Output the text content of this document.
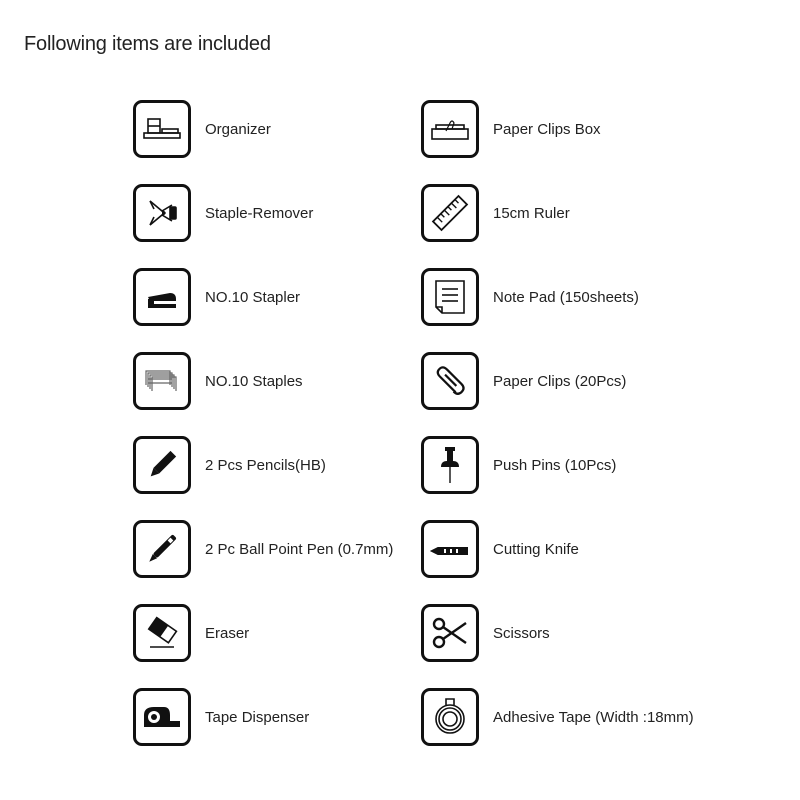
Following items are included
Organizer
Staple-Remover
NO.10 Stapler
NO.10 Staples
2 Pcs Pencils(HB)
2 Pc Ball Point Pen (0.7mm)
Eraser
Tape Dispenser
Paper Clips Box
15cm Ruler
Note Pad (150sheets)
Paper Clips (20Pcs)
Push Pins (10Pcs)
Cutting Knife
Scissors
Adhesive Tape (Width :18mm)
